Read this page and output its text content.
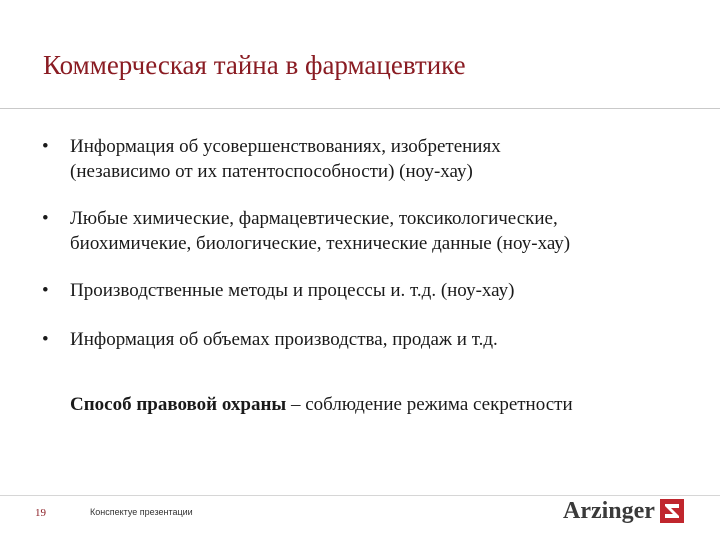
Коммерческая тайна в фармацевтике
• Информация об усовершенствованиях, изобретениях
(независимо от их патентоспособности) (ноу-хау)
• Любые химические, фармацевтические, токсикологические,
биохимичекие, биологические, технические данные (ноу-хау)
• Производственные методы и процессы и. т.д. (ноу-хау)
• Информация об объемах производства, продаж и т.д.
Способ правовой охраны – соблюдение режима секретности
19	Конспектуе презентации	Arzinger
